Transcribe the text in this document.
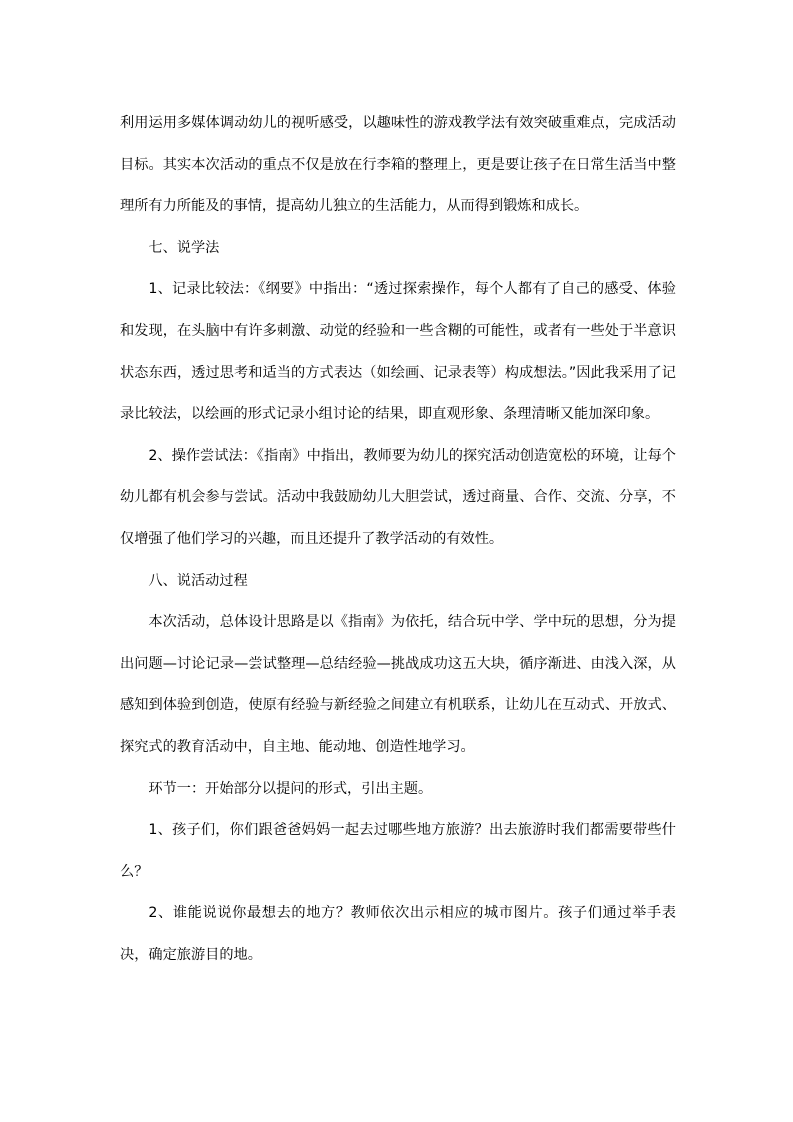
利用运用多媒体调动幼儿的视听感受，以趣味性的游戏教学法有效突破重难点，完成活动目标。其实本次活动的重点不仅是放在行李箱的整理上，更是要让孩子在日常生活当中整理所有力所能及的事情，提高幼儿独立的生活能力，从而得到锻炼和成长。

七、说学法

1、记录比较法：《纲要》中指出：“透过探索操作，每个人都有了自己的感受、体验和发现，在头脑中有许多刺激、动觉的经验和一些含糊的可能性，或者有一些处于半意识状态东西，透过思考和适当的方式表达（如绘画、记录表等）构成想法。”因此我采用了记录比较法，以绘画的形式记录小组讨论的结果，即直观形象、条理清晰又能加深印象。

2、操作尝试法：《指南》中指出，教师要为幼儿的探究活动创造宽松的环境，让每个幼儿都有机会参与尝试。活动中我鼓励幼儿大胆尝试，透过商量、合作、交流、分享，不仅增强了他们学习的兴趣，而且还提升了教学活动的有效性。

八、说活动过程

本次活动，总体设计思路是以《指南》为依托，结合玩中学、学中玩的思想，分为提出问题—讨论记录—尝试整理—总结经验—挑战成功这五大块，循序渐进、由浅入深，从感知到体验到创造，使原有经验与新经验之间建立有机联系，让幼儿在互动式、开放式、探究式的教育活动中，自主地、能动地、创造性地学习。

环节一：开始部分以提问的形式，引出主题。

1、孩子们，你们跟爸爸妈妈一起去过哪些地方旅游？出去旅游时我们都需要带些什么？

2、谁能说说你最想去的地方？教师依次出示相应的城市图片。孩子们通过举手表决，确定旅游目的地。
